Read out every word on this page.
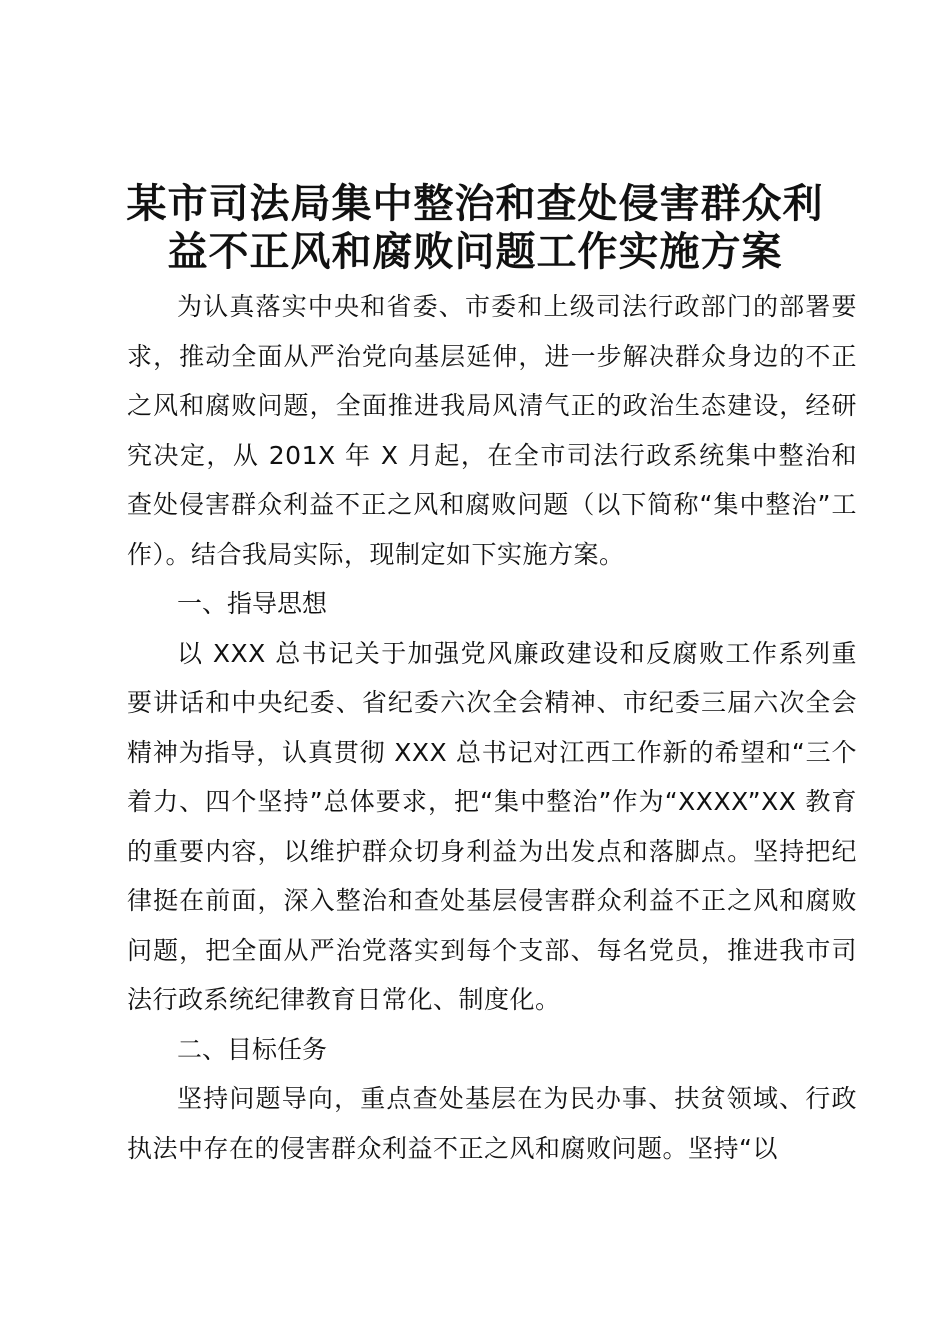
某市司法局集中整治和查处侵害群众利
益不正风和腐败问题工作实施方案

为认真落实中央和省委、市委和上级司法行政部门的部署要求，推动全面从严治党向基层延伸，进一步解决群众身边的不正之风和腐败问题，全面推进我局风清气正的政治生态建设，经研究决定，从 201X 年 X 月起，在全市司法行政系统集中整治和查处侵害群众利益不正之风和腐败问题（以下简称“集中整治”工作）。结合我局实际，现制定如下实施方案。

一、指导思想

以 XXX 总书记关于加强党风廉政建设和反腐败工作系列重要讲话和中央纪委、省纪委六次全会精神、市纪委三届六次全会精神为指导，认真贯彻 XXX 总书记对江西工作新的希望和“三个着力、四个坚持”总体要求，把“集中整治”作为“XXXX”XX 教育的重要内容，以维护群众切身利益为出发点和落脚点。坚持把纪律挺在前面，深入整治和查处基层侵害群众利益不正之风和腐败问题，把全面从严治党落实到每个支部、每名党员，推进我市司法行政系统纪律教育日常化、制度化。

二、目标任务

坚持问题导向，重点查处基层在为民办事、扶贫领域、行政执法中存在的侵害群众利益不正之风和腐败问题。坚持“以
